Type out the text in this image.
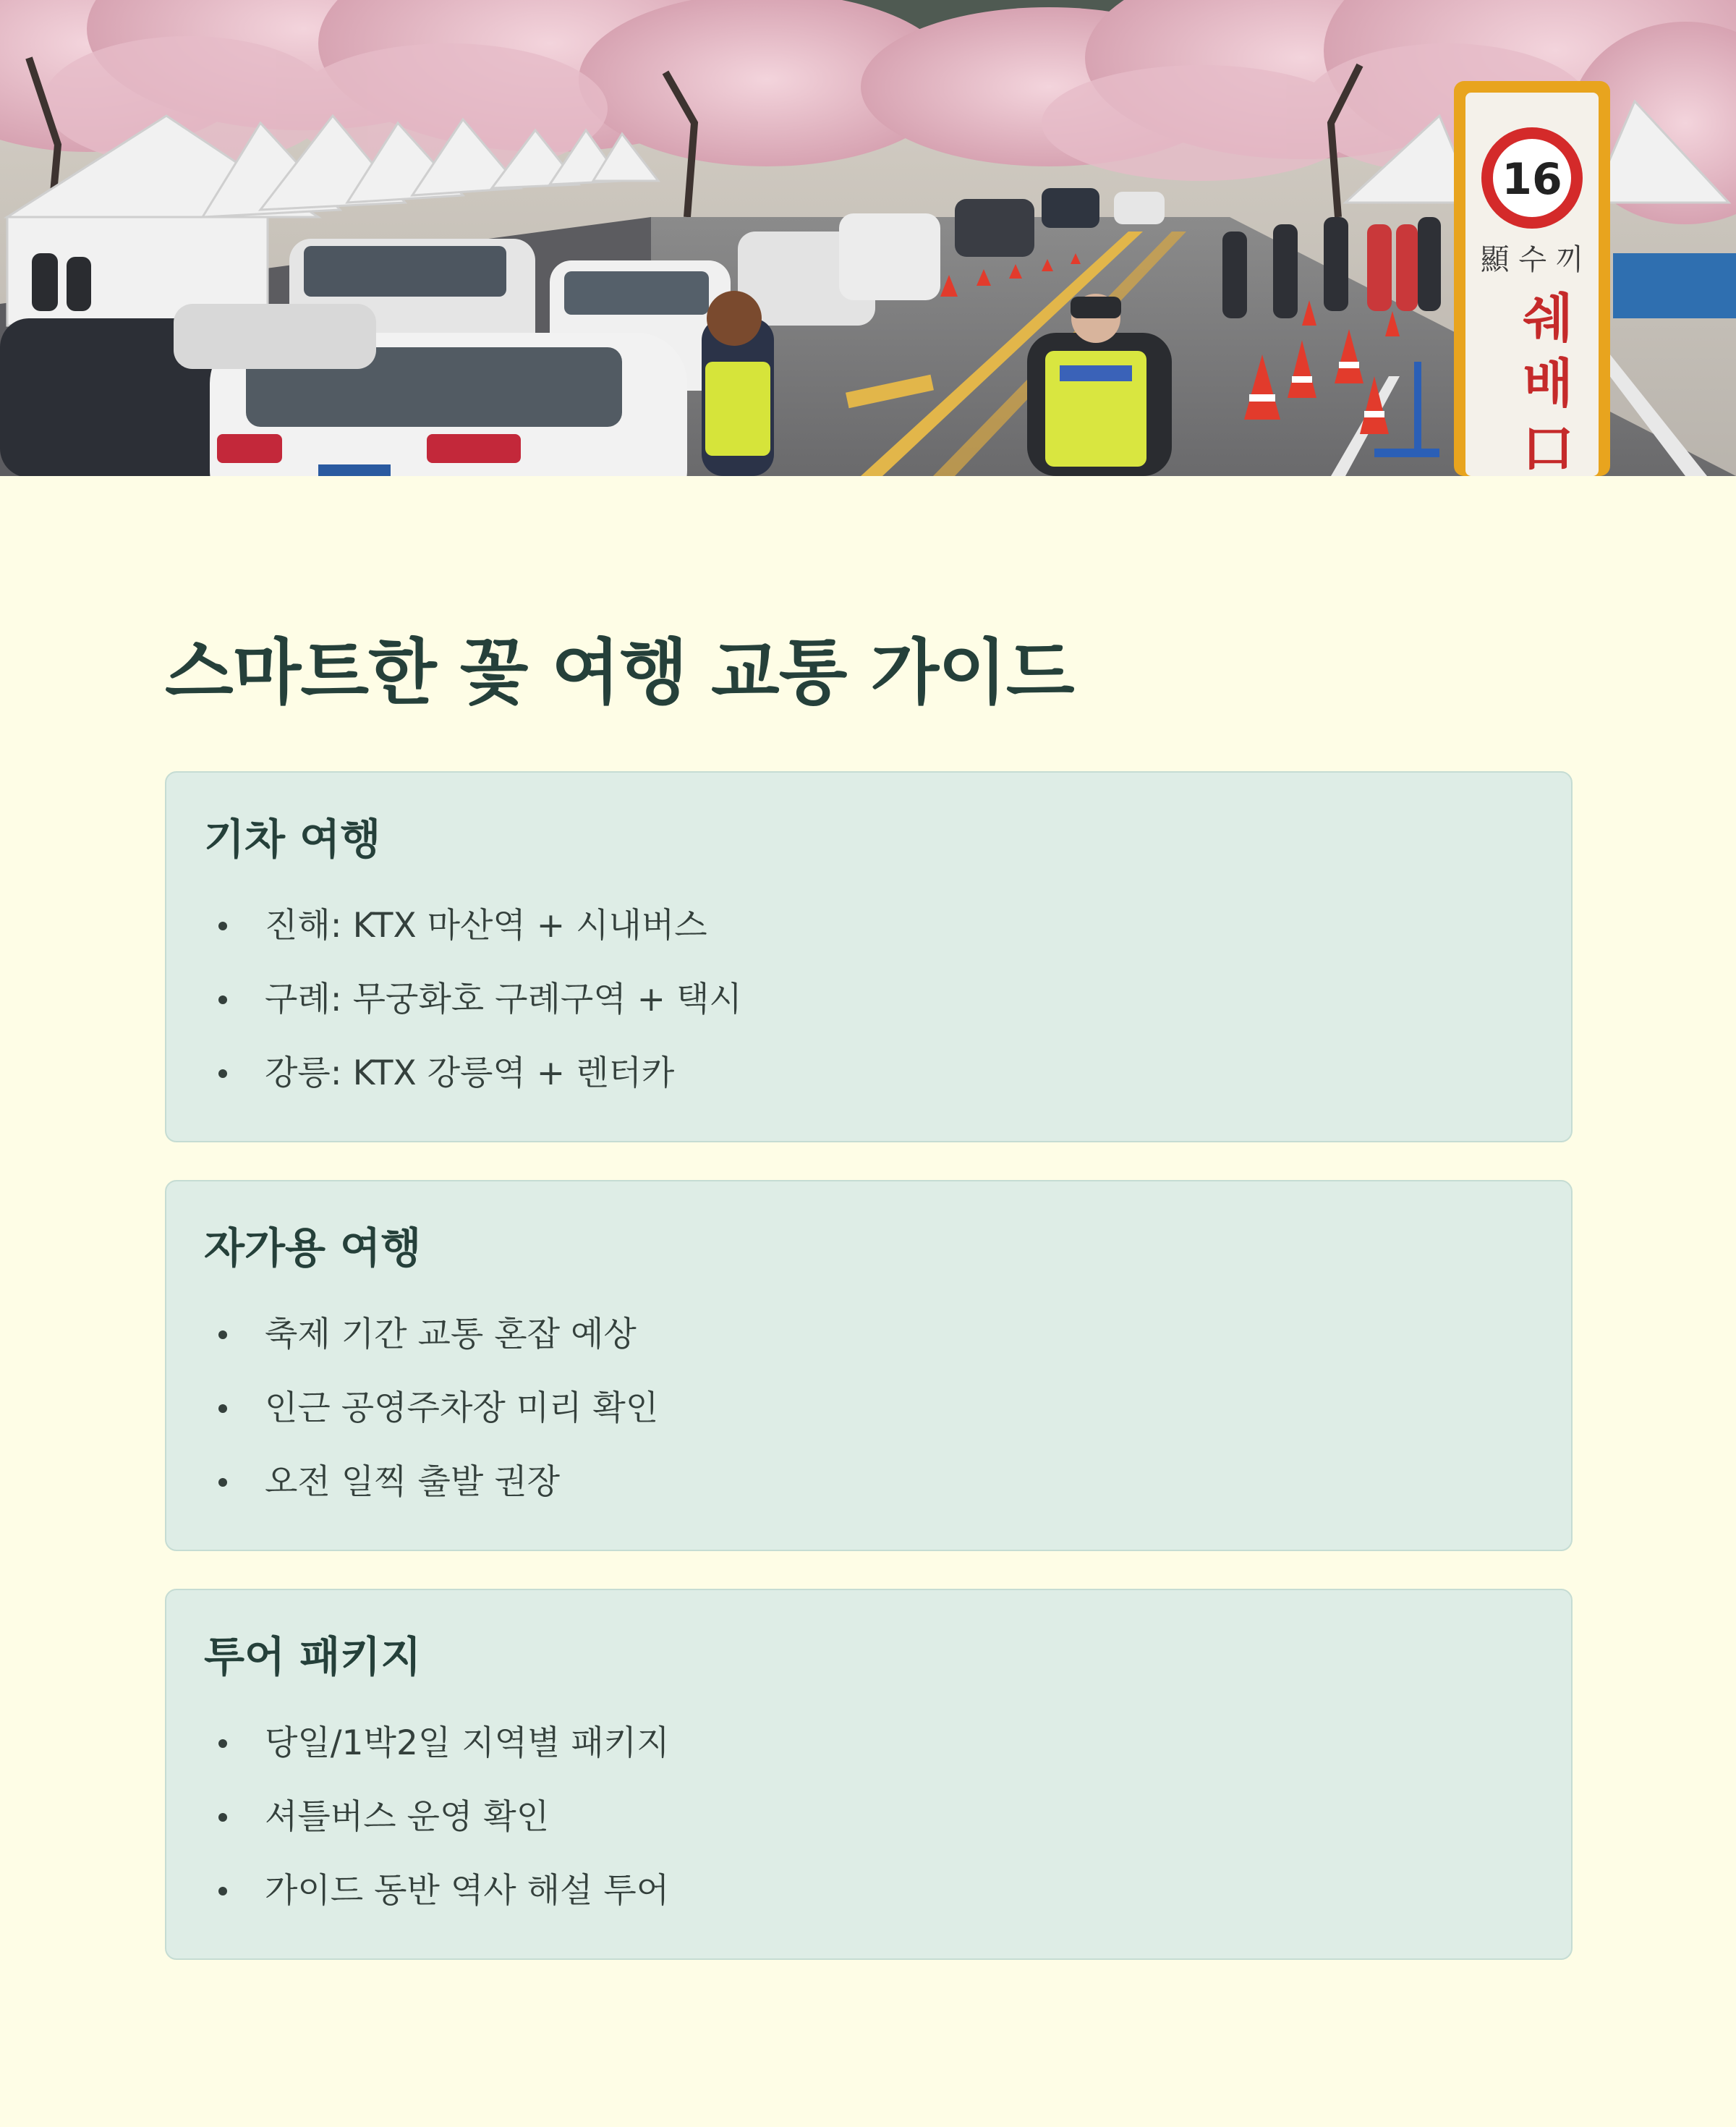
16
顯 수 끼
쉐
배
口
스마트한 꽃 여행 교통 가이드
기차 여행
진해: KTX 마산역 + 시내버스
구례: 무궁화호 구례구역 + 택시
강릉: KTX 강릉역 + 렌터카
자가용 여행
축제 기간 교통 혼잡 예상
인근 공영주차장 미리 확인
오전 일찍 출발 권장
투어 패키지
당일/1박2일 지역별 패키지
셔틀버스 운영 확인
가이드 동반 역사 해설 투어
